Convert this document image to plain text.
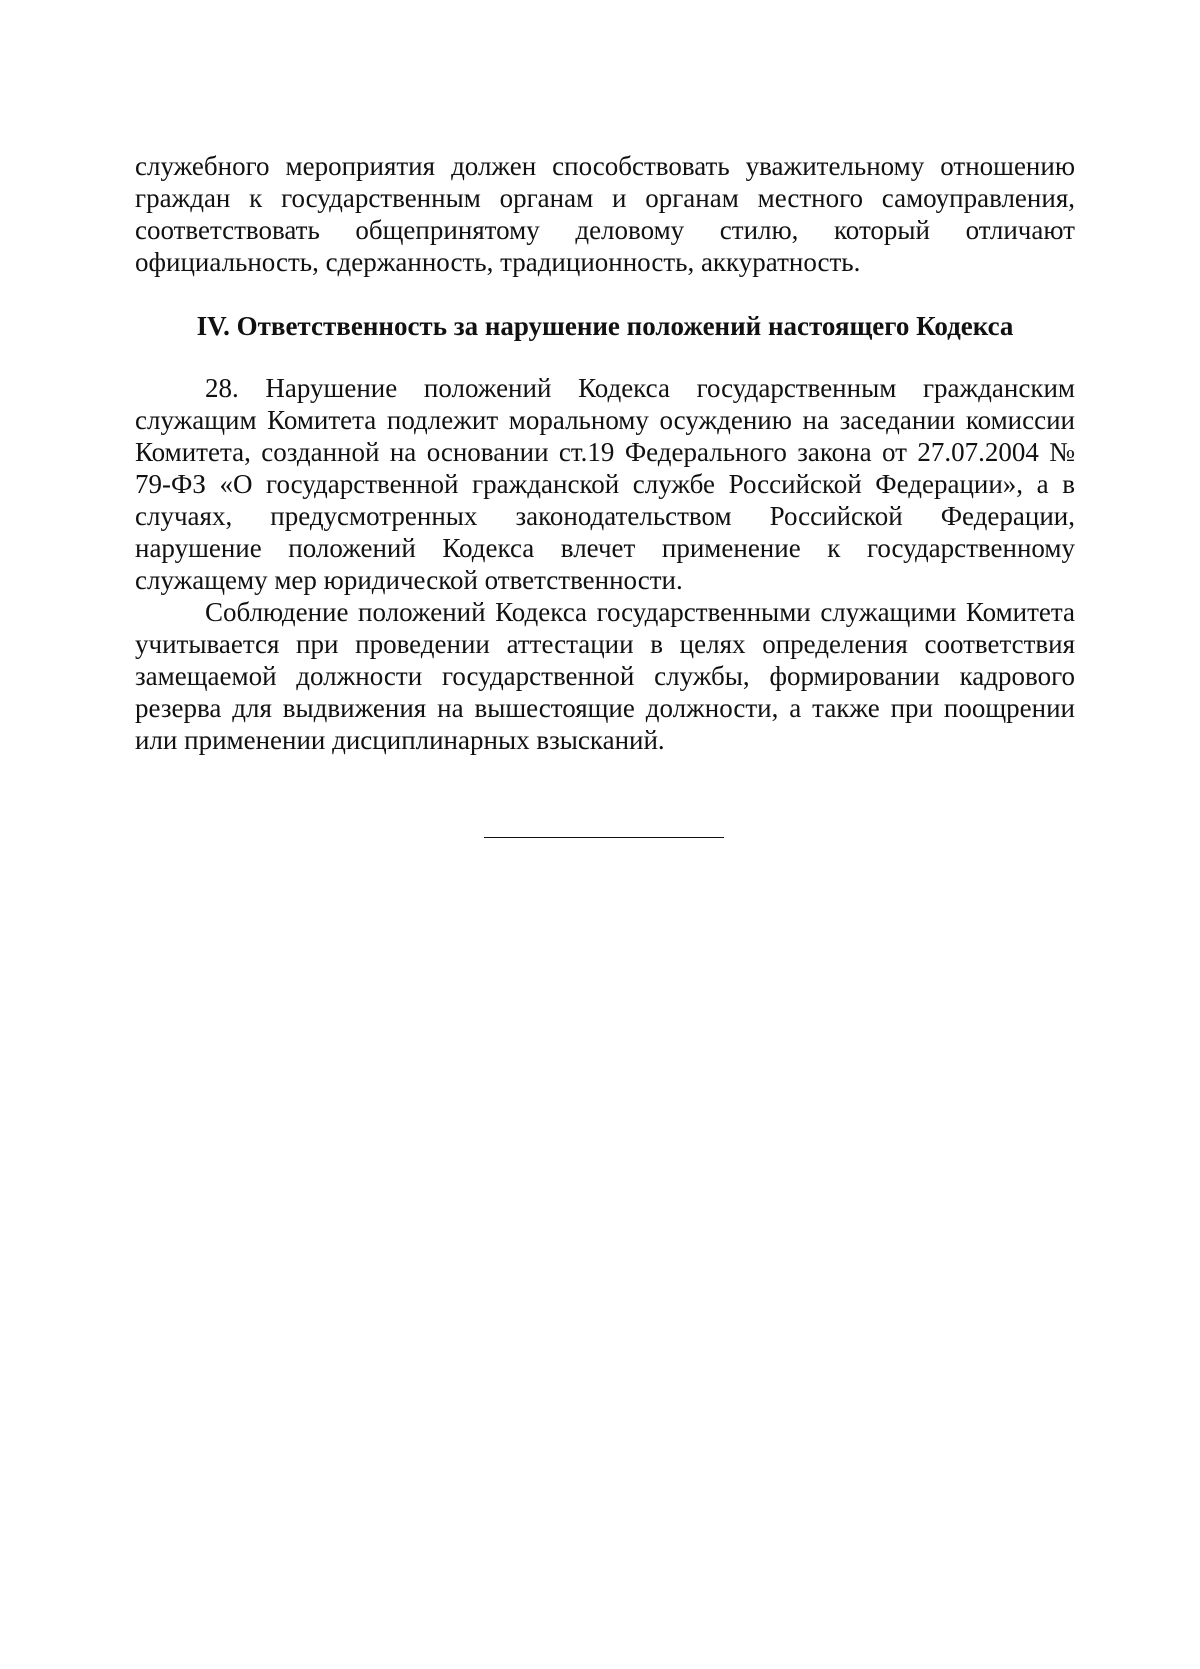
служебного мероприятия должен способствовать уважительному отношению граждан к государственным органам и органам местного самоуправления, соответствовать общепринятому деловому стилю, который отличают официальность, сдержанность, традиционность, аккуратность.

IV. Ответственность за нарушение положений настоящего Кодекса

28. Нарушение положений Кодекса государственным гражданским служащим Комитета подлежит моральному осуждению на заседании комиссии Комитета, созданной на основании ст.19 Федерального закона от 27.07.2004 № 79-ФЗ «О государственной гражданской службе Российской Федерации», а в случаях, предусмотренных законодательством Российской Федерации, нарушение положений Кодекса влечет применение к государственному служащему мер юридической ответственности.

Соблюдение положений Кодекса государственными служащими Комитета учитывается при проведении аттестации в целях определения соответствия замещаемой должности государственной службы, формировании кадрового резерва для выдвижения на вышестоящие должности, а также при поощрении или применении дисциплинарных взысканий.
